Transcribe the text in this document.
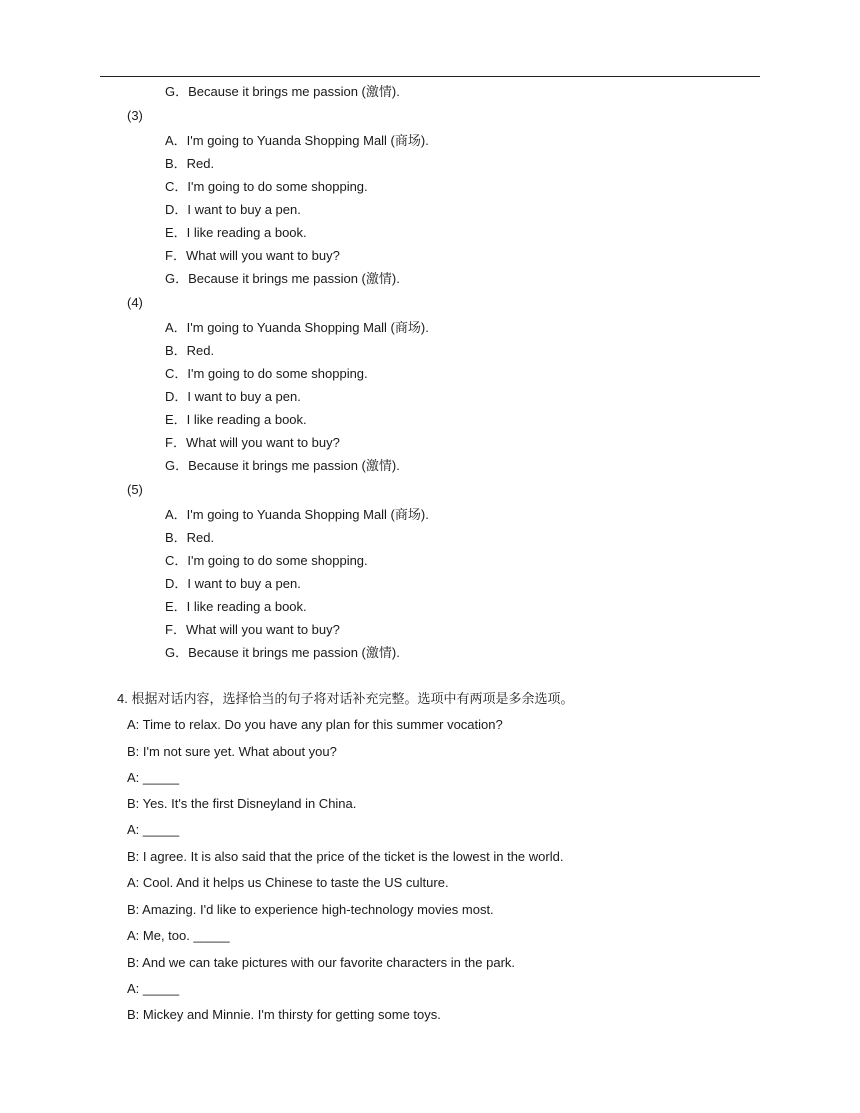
G．Because it brings me passion (激情).
(3)
A．I'm going to Yuanda Shopping Mall (商场).
B．Red.
C．I'm going to do some shopping.
D．I want to buy a pen.
E．I like reading a book.
F．What will you want to buy?
G．Because it brings me passion (激情).
(4)
A．I'm going to Yuanda Shopping Mall (商场).
B．Red.
C．I'm going to do some shopping.
D．I want to buy a pen.
E．I like reading a book.
F．What will you want to buy?
G．Because it brings me passion (激情).
(5)
A．I'm going to Yuanda Shopping Mall (商场).
B．Red.
C．I'm going to do some shopping.
D．I want to buy a pen.
E．I like reading a book.
F．What will you want to buy?
G．Because it brings me passion (激情).
4. 根据对话内容，选择恰当的句子将对话补充完整。选项中有两项是多余选项。
A: Time to relax. Do you have any plan for this summer vocation?
B: I'm not sure yet. What about you?
A: _____
B: Yes. It's the first Disneyland in China.
A: _____
B: I agree. It is also said that the price of the ticket is the lowest in the world.
A: Cool. And it helps us Chinese to taste the US culture.
B: Amazing. I'd like to experience high-technology movies most.
A: Me, too. _____
B: And we can take pictures with our favorite characters in the park.
A: _____
B: Mickey and Minnie. I'm thirsty for getting some toys.
